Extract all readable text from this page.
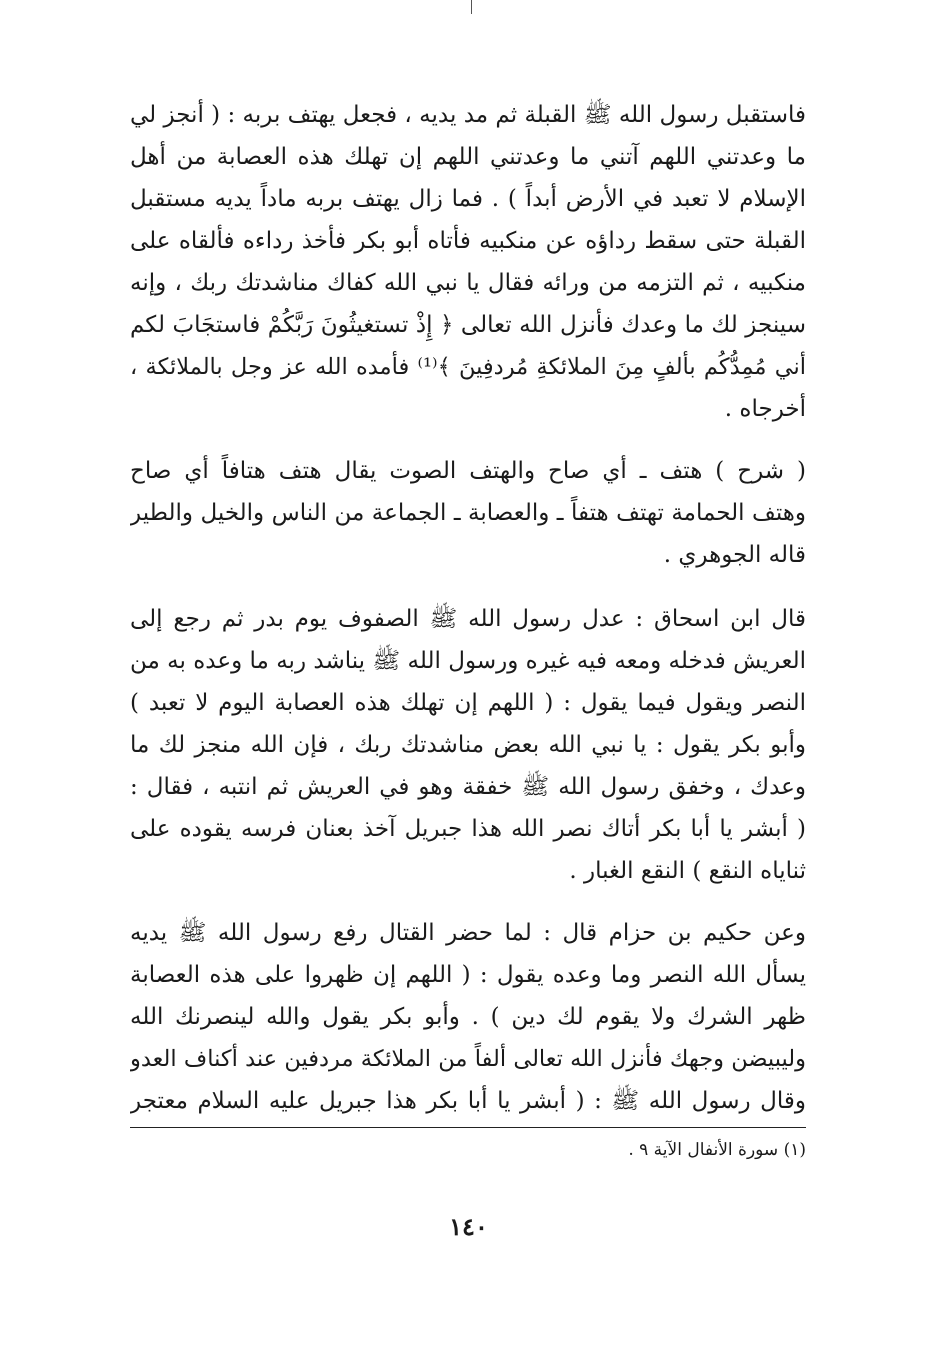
فاستقبل رسول الله ﷺ القبلة ثم مد يديه ، فجعل يهتف بربه : ( أنجز لي
ما وعدتني اللهم آتني ما وعدتني اللهم إن تهلك هذه العصابة من أهل
الإسلام لا تعبد في الأرض أبداً ) . فما زال يهتف بربه ماداً يديه مستقبل
القبلة حتى سقط رداؤه عن منكبيه فأتاه أبو بكر فأخذ رداءه فألقاه على
منكبيه ، ثم التزمه من ورائه فقال يا نبي الله كفاك مناشدتك ربك ، وإنه
سينجز لك ما وعدك فأنزل الله تعالى ﴿ إِذْ تستغيثُونَ رَبَّكُمْ فاستجَابَ لكم
أني مُمِدُّكُم بألفٍ مِنَ الملائكةِ مُردفِينَ ﴾⁽¹⁾ فأمده الله عز وجل بالملائكة ،
أخرجاه .
( شرح ) هتف ـ أي صاح والهتف الصوت يقال هتف هتافاً أي صاح
وهتف الحمامة تهتف هتفاً ـ والعصابة ـ الجماعة من الناس والخيل والطير
قاله الجوهري .
قال ابن اسحاق : عدل رسول الله ﷺ الصفوف يوم بدر ثم رجع إلى
العريش فدخله ومعه فيه غيره ورسول الله ﷺ يناشد ربه ما وعده به من
النصر ويقول فيما يقول : ( اللهم إن تهلك هذه العصابة اليوم لا تعبد )
وأبو بكر يقول : يا نبي الله بعض مناشدتك ربك ، فإن الله منجز لك ما
وعدك ، وخفق رسول الله ﷺ خفقة وهو في العريش ثم انتبه ، فقال :
( أبشر يا أبا بكر أتاك نصر الله هذا جبريل آخذ بعنان فرسه يقوده على
ثناياه النقع ) النقع الغبار .
وعن حكيم بن حزام قال : لما حضر القتال رفع رسول الله ﷺ يديه
يسأل الله النصر وما وعده يقول : ( اللهم إن ظهروا على هذه العصابة
ظهر الشرك ولا يقوم لك دين ) . وأبو بكر يقول والله لينصرنك الله
وليبيضن وجهك فأنزل الله تعالى ألفاً من الملائكة مردفين عند أكناف العدو
وقال رسول الله ﷺ : ( أبشر يا أبا بكر هذا جبريل عليه السلام معتجر
(١) سورة الأنفال الآية ٩ .
١٤٠
